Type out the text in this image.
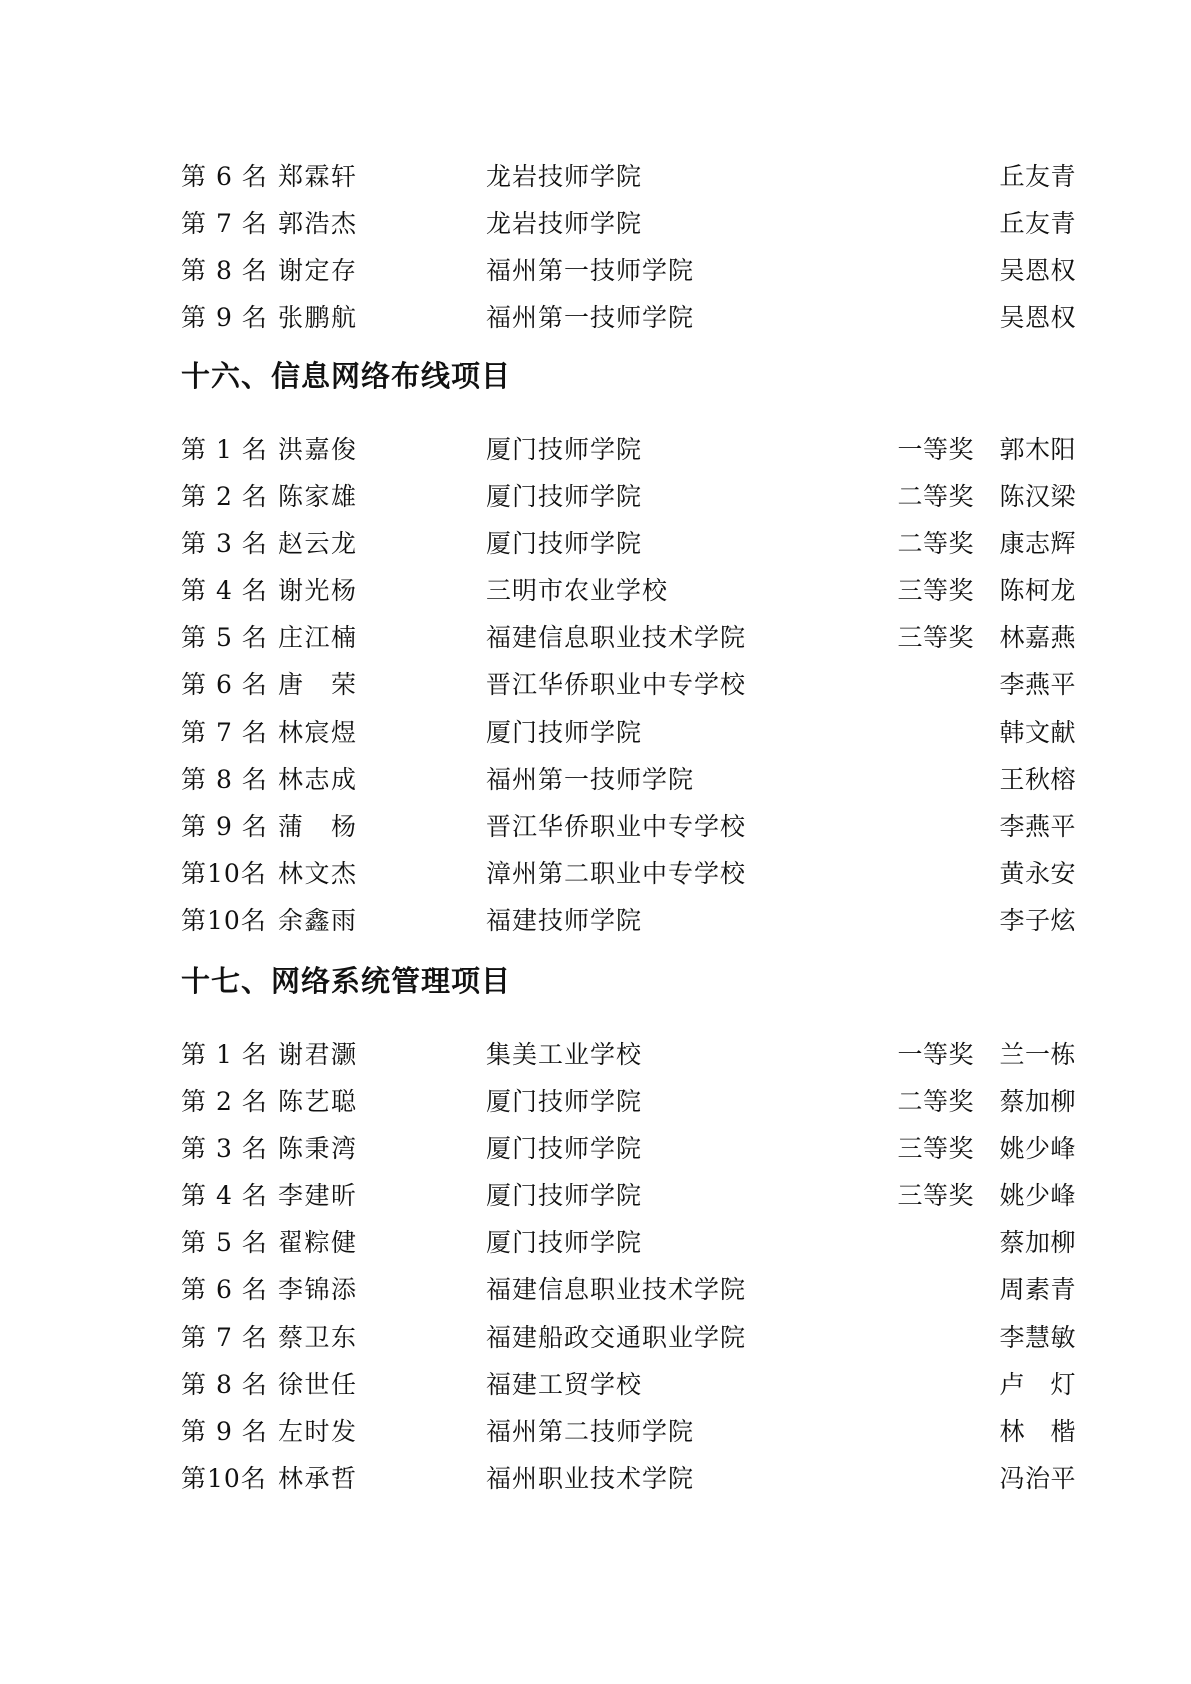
第 6 名 郑霖轩	龙岩技师学院	丘友青
第 7 名 郭浩杰	龙岩技师学院	丘友青
第 8 名 谢定存	福州第一技师学院	吴恩权
第 9 名 张鹏航	福州第一技师学院	吴恩权
十六、信息网络布线项目
第 1 名 洪嘉俊	厦门技师学院	一等奖 郭木阳
第 2 名 陈家雄	厦门技师学院	二等奖 陈汉梁
第 3 名 赵云龙	厦门技师学院	二等奖 康志辉
第 4 名 谢光杨	三明市农业学校	三等奖 陈柯龙
第 5 名 庄江楠	福建信息职业技术学院	三等奖 林嘉燕
第 6 名 唐　荣	晋江华侨职业中专学校	李燕平
第 7 名 林宸煜	厦门技师学院	韩文献
第 8 名 林志成	福州第一技师学院	王秋榕
第 9 名 蒲　杨	晋江华侨职业中专学校	李燕平
第10名 林文杰	漳州第二职业中专学校	黄永安
第10名 余鑫雨	福建技师学院	李子炫
十七、网络系统管理项目
第 1 名 谢君灏	集美工业学校	一等奖 兰一栋
第 2 名 陈艺聪	厦门技师学院	二等奖 蔡加柳
第 3 名 陈秉湾	厦门技师学院	三等奖 姚少峰
第 4 名 李建昕	厦门技师学院	三等奖 姚少峰
第 5 名 翟粽健	厦门技师学院	蔡加柳
第 6 名 李锦添	福建信息职业技术学院	周素青
第 7 名 蔡卫东	福建船政交通职业学院	李慧敏
第 8 名 徐世任	福建工贸学校	卢　灯
第 9 名 左时发	福州第二技师学院	林　楷
第10名 林承哲	福州职业技术学院	冯治平
